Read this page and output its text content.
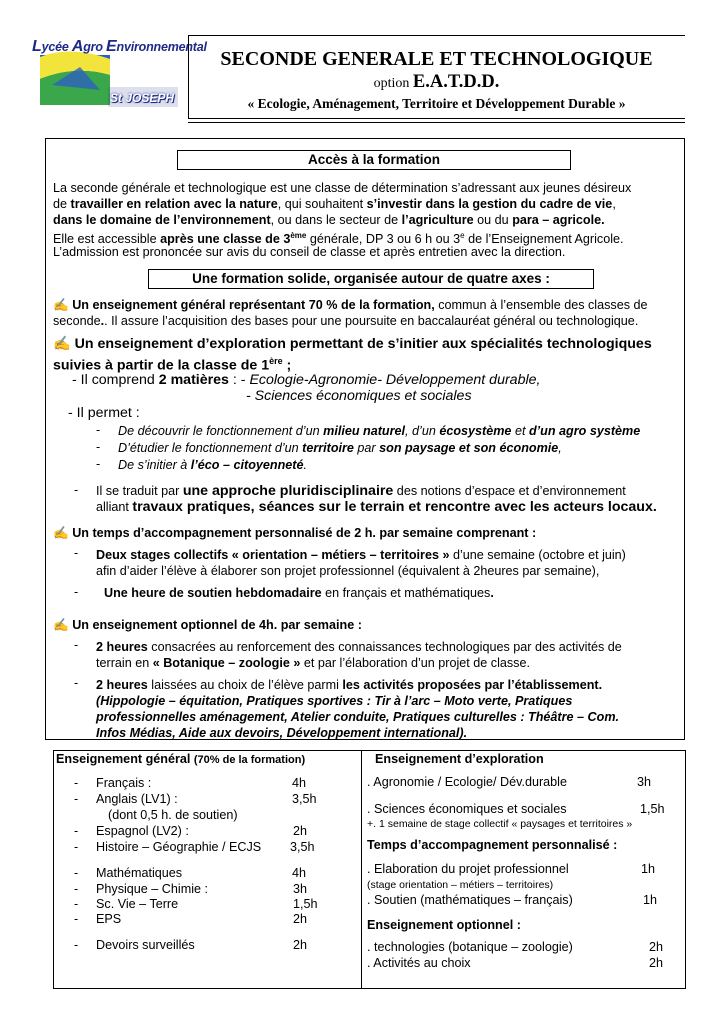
Lycée Agro Environnemental
St JOSEPH
SECONDE GENERALE ET TECHNOLOGIQUE
option E.A.T.D.D.
« Ecologie, Aménagement, Territoire et Développement Durable »
Accès à la formation
La seconde générale et technologique est une classe de détermination s’adressant aux jeunes désireux
de travailler en relation avec la nature, qui souhaitent s’investir dans la gestion du cadre de vie,
dans le domaine de l’environnement, ou dans le secteur de l’agriculture ou du para – agricole.
Elle est accessible après une classe de 3ème générale, DP 3 ou 6 h ou 3e de l’Enseignement Agricole.
L’admission est prononcée sur avis du conseil de classe et après entretien avec la direction.
Une formation solide, organisée autour de quatre axes :
✍ Un enseignement général représentant 70 % de la formation, commun à l’ensemble des classes de
seconde.. Il assure l’acquisition des bases pour une poursuite en baccalauréat général ou technologique.
✍ Un enseignement d’exploration permettant de s’initier aux spécialités technologiques
suivies à partir de la classe de 1ère ;
- Il comprend 2 matières : - Ecologie-Agronomie- Développement durable,
- Sciences économiques et sociales
- Il permet :
- De découvrir le fonctionnement d’un milieu naturel, d’un écosystème et d’un agro système
- D’étudier le fonctionnement d’un territoire par son paysage et son économie,
- De s’initier à l’éco – citoyenneté.
- Il se traduit par une approche pluridisciplinaire des notions d’espace et d’environnement
alliant travaux pratiques, séances sur le terrain et rencontre avec les acteurs locaux.
✍ Un temps d’accompagnement personnalisé de 2 h. par semaine comprenant :
- Deux stages collectifs « orientation – métiers – territoires » d’une semaine (octobre et juin)
afin d’aider l’élève à élaborer son projet professionnel (équivalent à 2heures par semaine),
- Une heure de soutien hebdomadaire en français et mathématiques.
✍ Un enseignement optionnel de 4h. par semaine :
- 2 heures consacrées au renforcement des connaissances technologiques par des activités de
terrain en « Botanique – zoologie » et par l’élaboration d’un projet de classe.
- 2 heures laissées au choix de l’élève parmi les activités proposées par l’établissement.
(Hippologie – équitation, Pratiques sportives : Tir à l’arc – Moto verte, Pratiques
professionnelles aménagement, Atelier conduite, Pratiques culturelles : Théâtre – Com.
Infos Médias, Aide aux devoirs, Développement international).
Enseignement général (70% de la formation)
- Français :	4h
- Anglais (LV1) :	3,5h
(dont 0,5 h. de soutien)
- Espagnol (LV2) :	2h
- Histoire – Géographie / ECJS 3,5h
- Mathématiques	4h
- Physique – Chimie :	3h
- Sc. Vie – Terre	1,5h
- EPS	2h
- Devoirs surveillés	2h
Enseignement d’exploration
. Agronomie / Ecologie/ Dév.durable	3h
. Sciences économiques et sociales	1,5h
+. 1 semaine de stage collectif « paysages et territoires »
Temps d’accompagnement personnalisé :
. Elaboration du projet professionnel	1h
(stage orientation – métiers – territoires)
. Soutien (mathématiques – français)	1h
Enseignement optionnel :
. technologies (botanique – zoologie)	2h
. Activités au choix	2h
